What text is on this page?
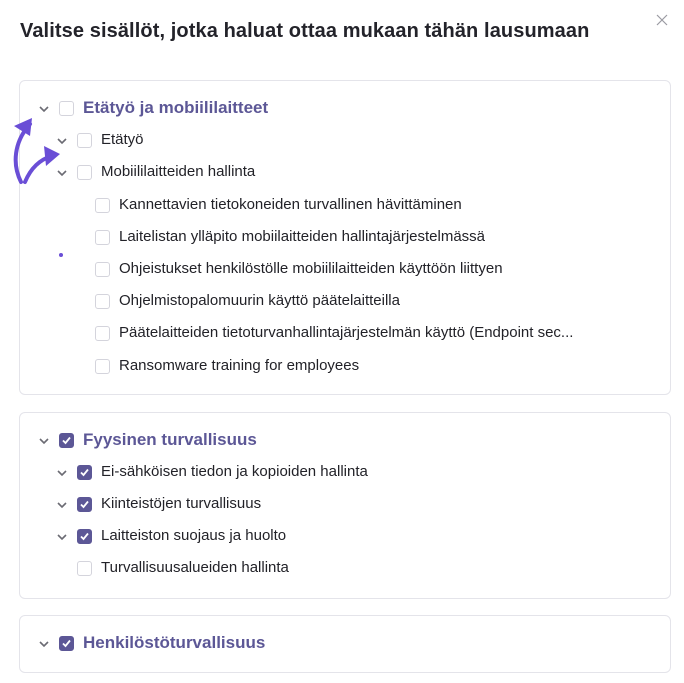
Valitse sisällöt, jotka haluat ottaa mukaan tähän lausumaan
Etätyö ja mobiililaitteet
Etätyö
Mobiililaitteiden hallinta
Kannettavien tietokoneiden turvallinen hävittäminen
Laitelistan ylläpito mobiilaitteiden hallintajärjestelmässä
Ohjeistukset henkilöstölle mobiililaitteiden käyttöön liittyen
Ohjelmistopalomuurin käyttö päätelaitteilla
Päätelaitteiden tietoturvanhallintajärjestelmän käyttö (Endpoint sec...
Ransomware training for employees
Fyysinen turvallisuus
Ei-sähköisen tiedon ja kopioiden hallinta
Kiinteistöjen turvallisuus
Laitteiston suojaus ja huolto
Turvallisuusalueiden hallinta
Henkilöstöturvallisuus
